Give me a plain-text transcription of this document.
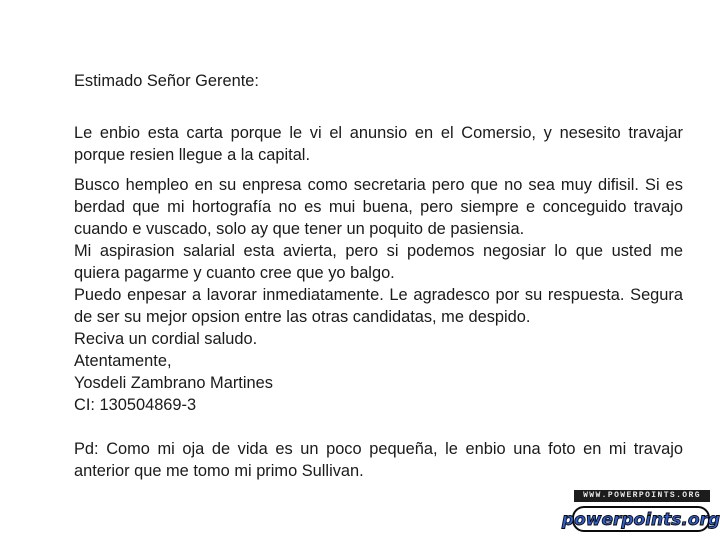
Estimado Señor Gerente:

Le enbio esta carta porque le vi el anunsio en el Comersio, y nesesito travajar porque resien llegue a la capital.

Busco hempleo en su enpresa como secretaria pero que no sea muy difisil. Si es berdad que mi hortografía no es mui buena, pero siempre e conceguido travajo cuando e vuscado, solo ay que tener un poquito de pasiensia.

Mi aspirasion salarial esta avierta, pero si podemos negosiar lo que usted me quiera pagarme y cuanto cree que yo balgo.

Puedo enpesar a lavorar inmediatamente. Le agradesco por su respuesta. Segura de ser su mejor opsion entre las otras candidatas, me despido.

Reciva un cordial saludo.

Atentamente,

Yosdeli Zambrano Martines

CI: 130504869-3

Pd: Como mi oja de vida es un poco pequeña, le enbio una foto en mi travajo anterior que me tomo mi primo Sullivan.

WWW.POWERPOINTS.ORG
powerpoints.org
